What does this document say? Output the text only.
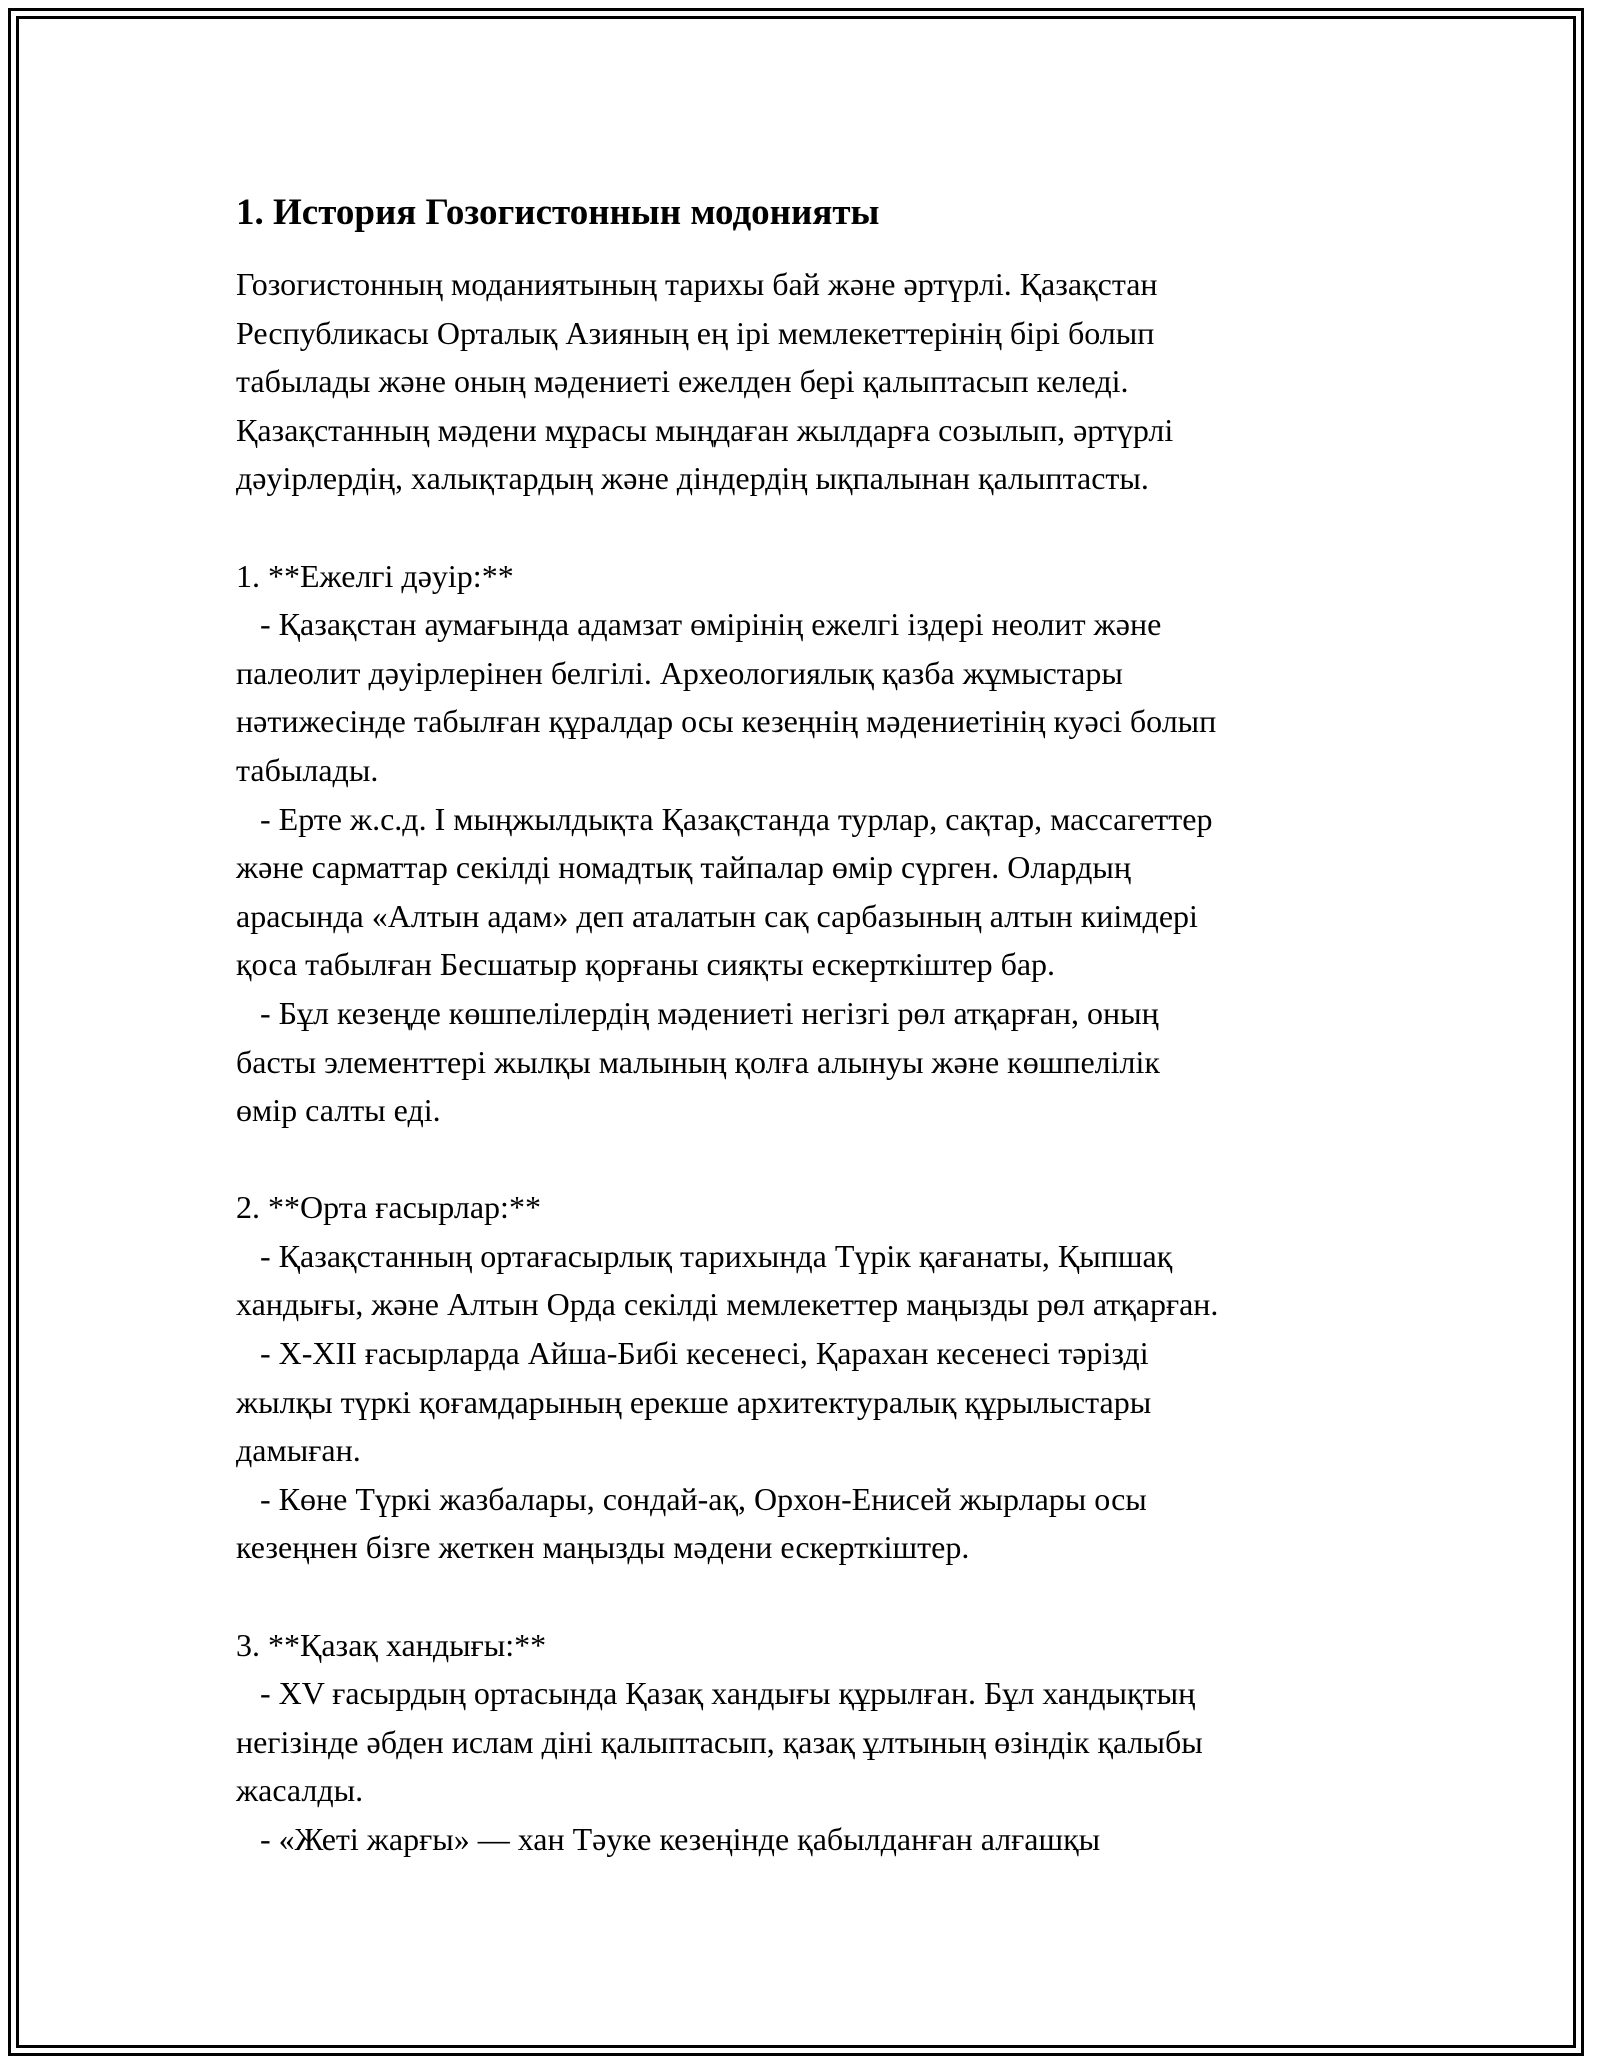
1. История Гозогистоннын модонияты

Гозогистонның моданиятының тарихы бай және әртүрлі. Қазақстан
Республикасы Орталық Азияның ең ірі мемлекеттерінің бірі болып
табылады және оның мәдениеті ежелден бері қалыптасып келеді.
Қазақстанның мәдени мұрасы мыңдаған жылдарға созылып, әртүрлі
дәуірлердің, халықтардың және діндердің ықпалынан қалыптасты.
1. **Ежелгі дәуір:**
- Қазақстан аумағында адамзат өмірінің ежелгі іздері неолит және
палеолит дәуірлерінен белгілі. Археологиялық қазба жұмыстары
нәтижесінде табылған құралдар осы кезеңнің мәдениетінің куәсі болып
табылады.
- Ерте ж.с.д. І мыңжылдықта Қазақстанда турлар, сақтар, массагеттер
және сарматтар секілді номадтық тайпалар өмір сүрген. Олардың
арасында «Алтын адам» деп аталатын сақ сарбазының алтын киімдері
қоса табылған Бесшатыр қорғаны сияқты ескерткіштер бар.
- Бұл кезеңде көшпелілердің мәдениеті негізгі рөл атқарған, оның
басты элементтері жылқы малының қолға алынуы және көшпелілік
өмір салты еді.
2. **Орта ғасырлар:**
- Қазақстанның ортағасырлық тарихында Түрік қағанаты, Қыпшақ
хандығы, және Алтын Орда секілді мемлекеттер маңызды рөл атқарған.
- X-XII ғасырларда Айша-Бибі кесенесі, Қарахан кесенесі тәрізді
жылқы түркі қоғамдарының ерекше архитектуралық құрылыстары
дамыған.
- Көне Түркі жазбалары, сондай-ақ, Орхон-Енисей жырлары осы
кезеңнен бізге жеткен маңызды мәдени ескерткіштер.
3. **Қазақ хандығы:**
- XV ғасырдың ортасында Қазақ хандығы құрылған. Бұл хандықтың
негізінде әбден ислам діні қалыптасып, қазақ ұлтының өзіндік қалыбы
жасалды.
- «Жеті жарғы» — хан Тәуке кезеңінде қабылданған алғашқы
